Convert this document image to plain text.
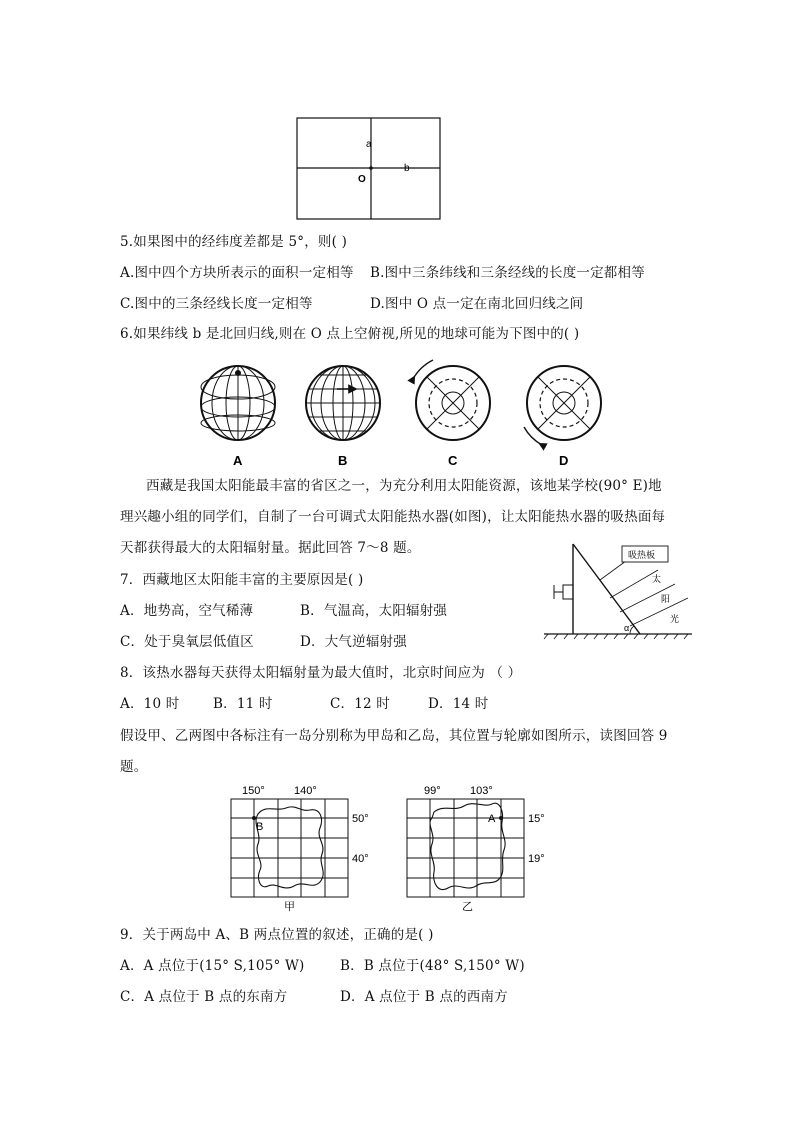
a
O
b
5.如果图中的经纬度差都是 5°，则( )
A.图中四个方块所表示的面积一定相等 B.图中三条纬线和三条经线的长度一定都相等
C.图中的三条经线长度一定相等	D.图中 O 点一定在南北回归线之间
6.如果纬线 b 是北回归线,则在 O 点上空俯视,所见的地球可能为下图中的( )
A	B	C	D
西藏是我国太阳能最丰富的省区之一，为充分利用太阳能资源，该地某学校(90° E)地
理兴趣小组的同学们，自制了一台可调式太阳能热水器(如图)，让太阳能热水器的吸热面每
天都获得最大的太阳辐射量。据此回答 7～8 题。	吸热板
太
阳
光
α
7．西藏地区太阳能丰富的主要原因是( )
A．地势高，空气稀薄	B．气温高，太阳辐射强
C．处于臭氧层低值区	D．大气逆辐射强
8．该热水器每天获得太阳辐射量为最大值时，北京时间应为 （ ）
A．10 时 B．11 时	C．12 时	D．14 时
假设甲、乙两图中各标注有一岛分别称为甲岛和乙岛，其位置与轮廓如图所示，读图回答 9
题。
150°	140°
50°
40°
B
甲
99°	103°
15°
19°
A
乙
9．关于两岛中 A、B 两点位置的叙述，正确的是( )
A．A 点位于(15° S,105° W)	B．B 点位于(48° S,150° W)
C．A 点位于 B 点的东南方	D．A 点位于 B 点的西南方
